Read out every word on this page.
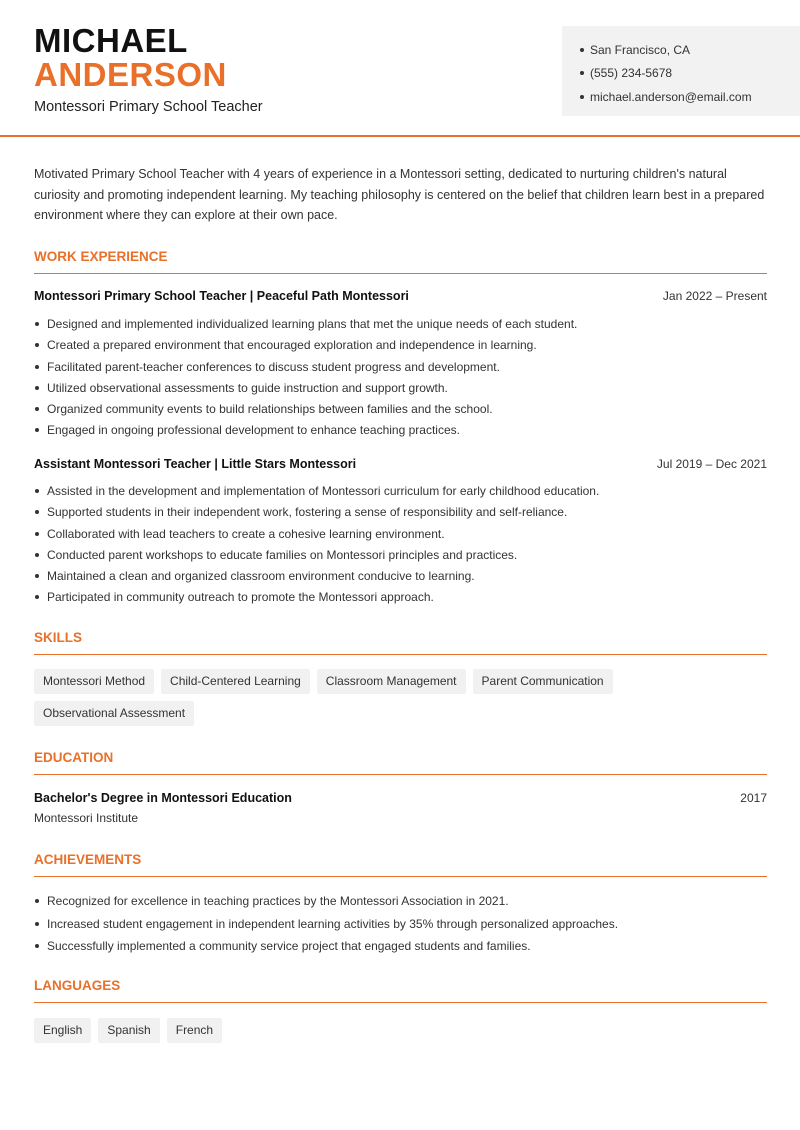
MICHAEL
ANDERSON
Montessori Primary School Teacher
San Francisco, CA
(555) 234-5678
michael.anderson@email.com

Motivated Primary School Teacher with 4 years of experience in a Montessori setting, dedicated to nurturing children's natural curiosity and promoting independent learning. My teaching philosophy is centered on the belief that children learn best in a prepared environment where they can explore at their own pace.

WORK EXPERIENCE
Montessori Primary School Teacher | Peaceful Path Montessori	Jan 2022 – Present
Designed and implemented individualized learning plans that met the unique needs of each student.
Created a prepared environment that encouraged exploration and independence in learning.
Facilitated parent-teacher conferences to discuss student progress and development.
Utilized observational assessments to guide instruction and support growth.
Organized community events to build relationships between families and the school.
Engaged in ongoing professional development to enhance teaching practices.
Assistant Montessori Teacher | Little Stars Montessori	Jul 2019 – Dec 2021
Assisted in the development and implementation of Montessori curriculum for early childhood education.
Supported students in their independent work, fostering a sense of responsibility and self-reliance.
Collaborated with lead teachers to create a cohesive learning environment.
Conducted parent workshops to educate families on Montessori principles and practices.
Maintained a clean and organized classroom environment conducive to learning.
Participated in community outreach to promote the Montessori approach.
SKILLS
Montessori Method	Child-Centered Learning	Classroom Management	Parent Communication
Observational Assessment
EDUCATION
Bachelor's Degree in Montessori Education	2017
Montessori Institute
ACHIEVEMENTS
Recognized for excellence in teaching practices by the Montessori Association in 2021.
Increased student engagement in independent learning activities by 35% through personalized approaches.
Successfully implemented a community service project that engaged students and families.
LANGUAGES
English	Spanish	French
